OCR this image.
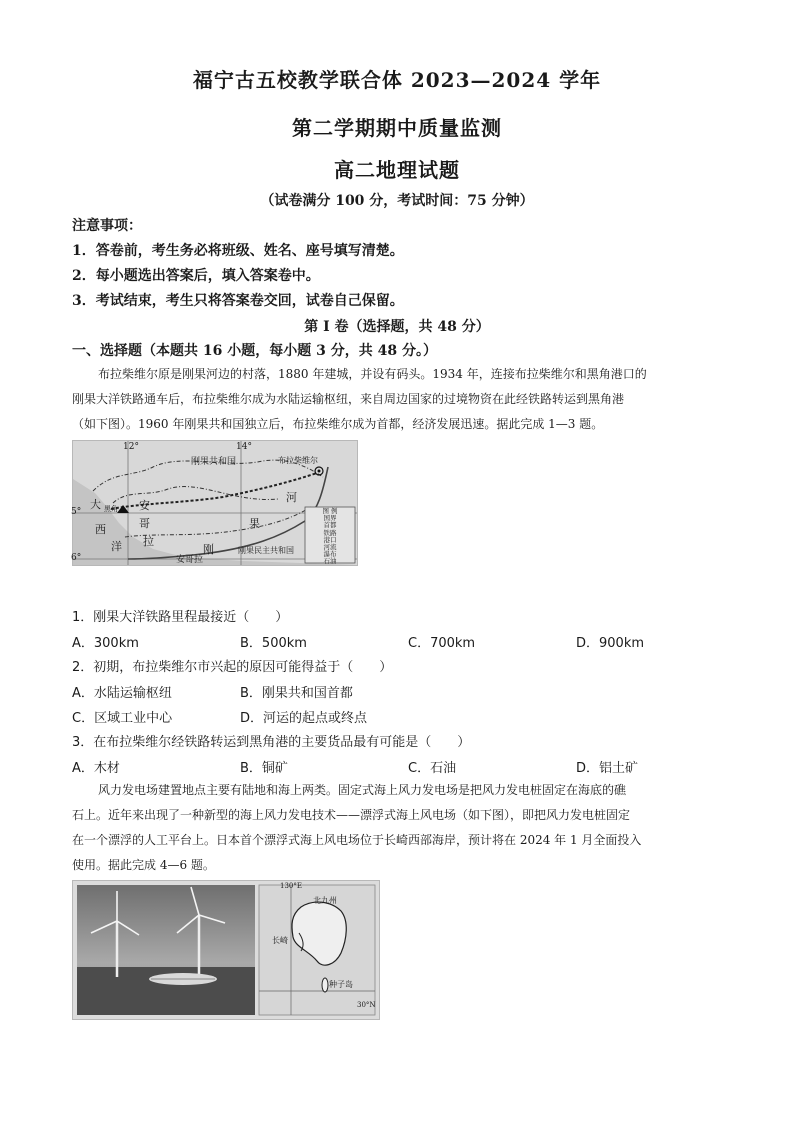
福宁古五校教学联合体 2023—2024 学年
第二学期期中质量监测
高二地理试题
（试卷满分 100 分，考试时间：75 分钟）
注意事项：
1．答卷前，考生务必将班级、姓名、座号填写清楚。
2．每小题选出答案后，填入答案卷中。
3．考试结束，考生只将答案卷交回，试卷自己保留。
第 I 卷（选择题，共 48 分）
一、选择题（本题共 16 小题，每小题 3 分，共 48 分。）
布拉柴维尔原是刚果河边的村落，1880 年建城，并设有码头。1934 年，连接布拉柴维尔和黑角港口的
刚果大洋铁路通车后，布拉柴维尔成为水陆运输枢纽，来自周边国家的过境物资在此经铁路转运到黑角港
（如下图）。1960 年刚果共和国独立后，布拉柴维尔成为首都，经济发展迅速。据此完成 1—3 题。
12°	14°
5°
6°
刚果共和国	布拉柴维尔
黑角
大
西
洋
安
哥
拉
河
果
刚	刚果民主共和国
图 例
国界
首都
铁路
港口
河流
瀑布
石油
安哥拉
1．刚果大洋铁路里程最接近（　　）
A．300km	B．500km	C．700km	D．900km
2．初期，布拉柴维尔市兴起的原因可能得益于（　　）
A．水陆运输枢纽	B．刚果共和国首都
C．区域工业中心	D．河运的起点或终点
3．在布拉柴维尔经铁路转运到黑角港的主要货品最有可能是（　　）
A．木材	B．铜矿	C．石油	D．铝土矿
风力发电场建置地点主要有陆地和海上两类。固定式海上风力发电场是把风力发电桩固定在海底的礁
石上。近年来出现了一种新型的海上风力发电技术——漂浮式海上风电场（如下图），即把风力发电桩固定
在一个漂浮的人工平台上。日本首个漂浮式海上风电场位于长崎西部海岸，预计将在 2024 年 1 月全面投入
使用。据此完成 4—6 题。
130°E
30°N
北九州
长崎
种子岛
